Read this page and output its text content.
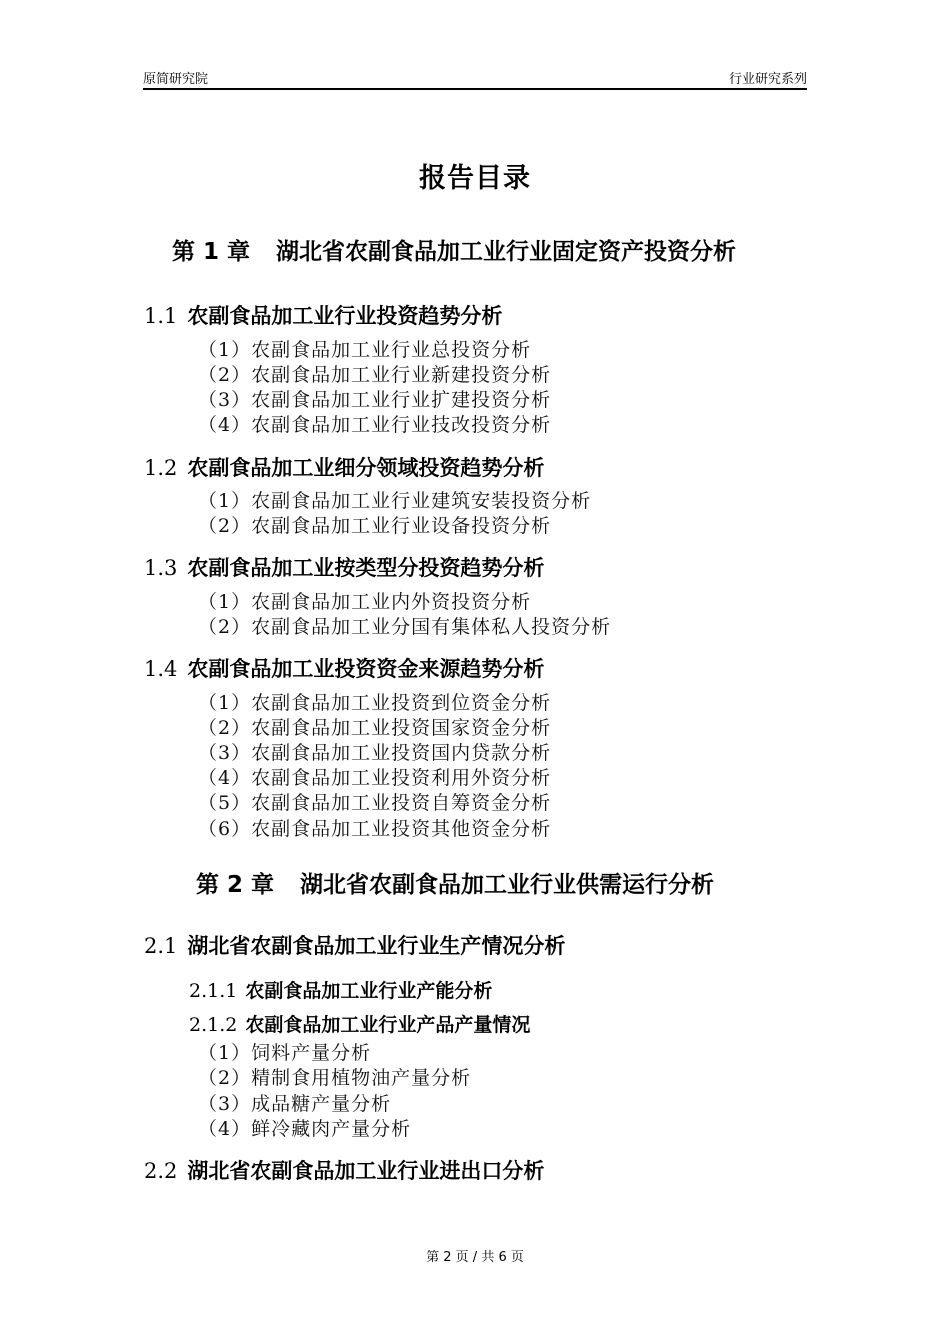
原简研究院	行业研究系列
报告目录
第 1 章 湖北省农副食品加工业行业固定资产投资分析
1.1 农副食品加工业行业投资趋势分析
（1）农副食品加工业行业总投资分析
（2）农副食品加工业行业新建投资分析
（3）农副食品加工业行业扩建投资分析
（4）农副食品加工业行业技改投资分析
1.2 农副食品加工业细分领域投资趋势分析
（1）农副食品加工业行业建筑安装投资分析
（2）农副食品加工业行业设备投资分析
1.3 农副食品加工业按类型分投资趋势分析
（1）农副食品加工业内外资投资分析
（2）农副食品加工业分国有集体私人投资分析
1.4 农副食品加工业投资资金来源趋势分析
（1）农副食品加工业投资到位资金分析
（2）农副食品加工业投资国家资金分析
（3）农副食品加工业投资国内贷款分析
（4）农副食品加工业投资利用外资分析
（5）农副食品加工业投资自筹资金分析
（6）农副食品加工业投资其他资金分析
第 2 章 湖北省农副食品加工业行业供需运行分析
2.1 湖北省农副食品加工业行业生产情况分析
2.1.1 农副食品加工业行业产能分析
2.1.2 农副食品加工业行业产品产量情况
（1）饲料产量分析
（2）精制食用植物油产量分析
（3）成品糖产量分析
（4）鲜冷藏肉产量分析
2.2 湖北省农副食品加工业行业进出口分析
第 2 页 / 共 6 页
